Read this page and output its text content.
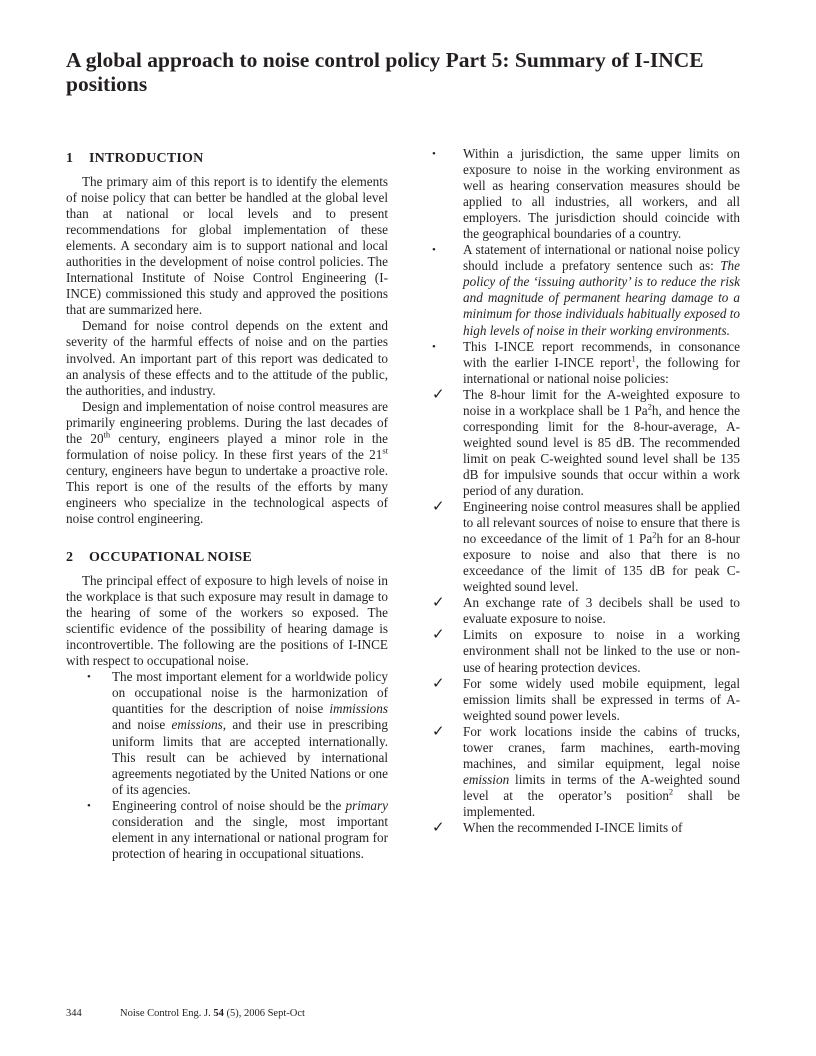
A global approach to noise control policy Part 5: Summary of I-INCE positions
1 INTRODUCTION

The primary aim of this report is to identify the elements of noise policy that can better be handled at the global level than at national or local levels and to present recommendations for global implementation of these elements. A secondary aim is to support national and local authorities in the development of noise control policies. The International Institute of Noise Control Engineering (I-INCE) commissioned this study and approved the positions that are summarized here.

Demand for noise control depends on the extent and severity of the harmful effects of noise and on the parties involved. An important part of this report was dedicated to an analysis of these effects and to the attitude of the public, the authorities, and industry.

Design and implementation of noise control measures are primarily engineering problems. During the last decades of the 20th century, engineers played a minor role in the formulation of noise policy. In these first years of the 21st century, engineers have begun to undertake a proactive role. This report is one of the results of the efforts by many engineers who specialize in the technological aspects of noise control engineering.

2 OCCUPATIONAL NOISE

The principal effect of exposure to high levels of noise in the workplace is that such exposure may result in damage to the hearing of some of the workers so exposed. The scientific evidence of the possibility of hearing damage is incontrovertible. The following are the positions of I-INCE with respect to occupational noise.

• The most important element for a worldwide policy on occupational noise is the harmonization of quantities for the description of noise immissions and noise emissions, and their use in prescribing uniform limits that are accepted internationally. This result can be achieved by international agreements negotiated by the United Nations or one of its agencies.
• Engineering control of noise should be the primary consideration and the single, most important element in any international or national program for protection of hearing in occupational situations.
• Within a jurisdiction, the same upper limits on exposure to noise in the working environment as well as hearing conservation measures should be applied to all industries, all workers, and all employers. The jurisdiction should coincide with the geographical boundaries of a country.
• A statement of international or national noise policy should include a prefatory sentence such as: The policy of the ‘issuing authority’ is to reduce the risk and magnitude of permanent hearing damage to a minimum for those individuals habitually exposed to high levels of noise in their working environments.
• This I-INCE report recommends, in consonance with the earlier I-INCE report$^1$, the following for international or national noise policies:
✓ The 8-hour limit for the A-weighted exposure to noise in a workplace shall be 1 Pa$^2$h, and hence the corresponding limit for the 8-hour-average, A-weighted sound level is 85 dB. The recommended limit on peak C-weighted sound level shall be 135 dB for impulsive sounds that occur within a work period of any duration.
✓ Engineering noise control measures shall be applied to all relevant sources of noise to ensure that there is no exceedance of the limit of 1 Pa$^2$h for an 8-hour exposure to noise and also that there is no exceedance of the limit of 135 dB for peak C-weighted sound level.
✓ An exchange rate of 3 decibels shall be used to evaluate exposure to noise.
✓ Limits on exposure to noise in a working environment shall not be linked to the use or non-use of hearing protection devices.
✓ For some widely used mobile equipment, legal emission limits shall be expressed in terms of A-weighted sound power levels.
✓ For work locations inside the cabins of trucks, tower cranes, farm machines, earth-moving machines, and similar equipment, legal noise emission limits in terms of the A-weighted sound level at the operator’s position$^2$ shall be implemented.
✓ When the recommended I-INCE limits of
344	Noise Control Eng. J. 54 (5), 2006 Sept-Oct
